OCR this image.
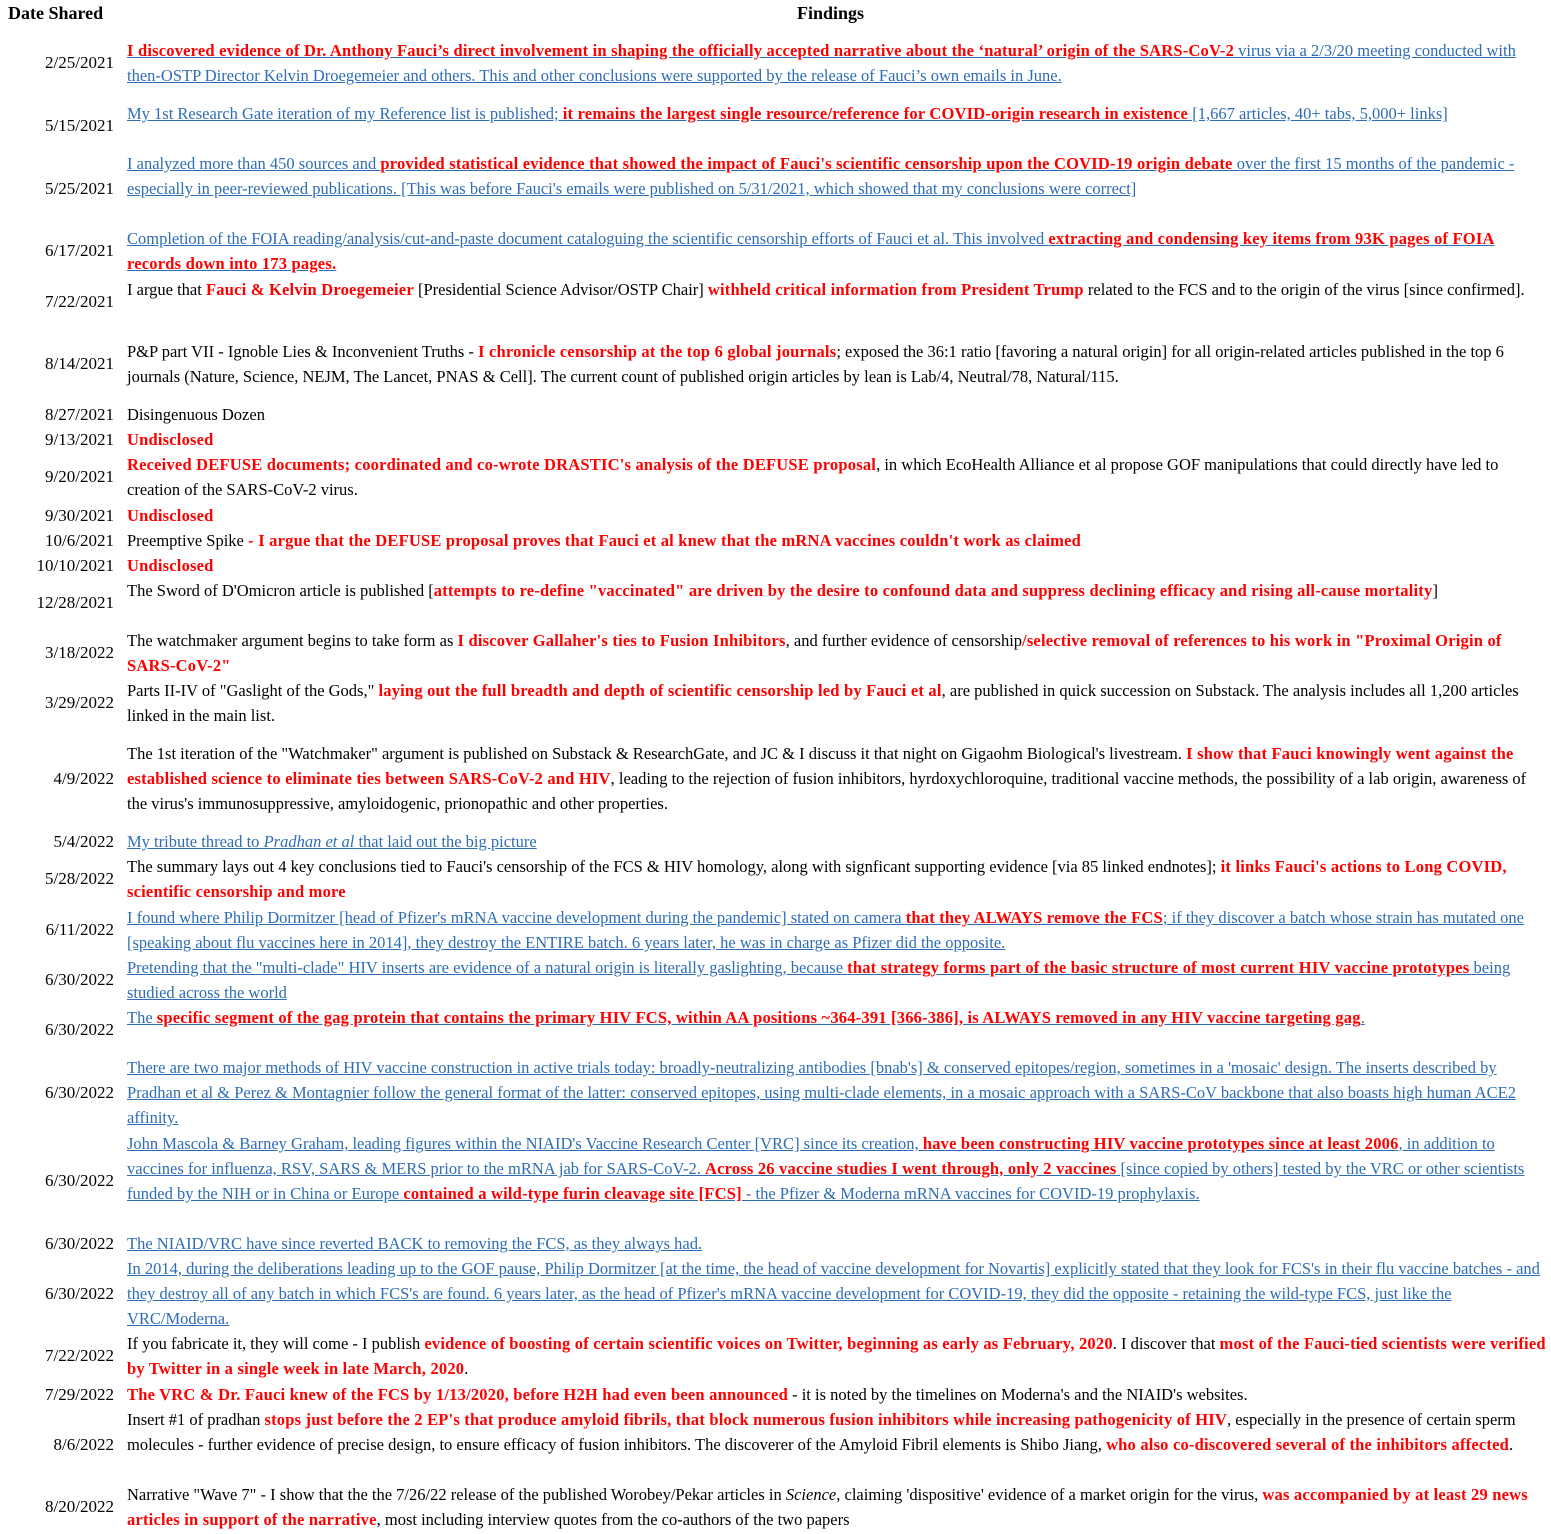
Date Shared	Findings
2/25/2021
I discovered evidence of Dr. Anthony Fauci’s direct involvement in shaping the officially accepted narrative about the ‘natural’ origin of the SARS-CoV-2 virus via a 2/3/20 meeting conducted with then-OSTP Director Kelvin Droegemeier and others. This and other conclusions were supported by the release of Fauci’s own emails in June.
5/15/2021
My 1st Research Gate iteration of my Reference list is published; it remains the largest single resource/reference for COVID-origin research in existence [1,667 articles, 40+ tabs, 5,000+ links]
5/25/2021
I analyzed more than 450 sources and provided statistical evidence that showed the impact of Fauci's scientific censorship upon the COVID-19 origin debate over the first 15 months of the pandemic - especially in peer-reviewed publications. [This was before Fauci's emails were published on 5/31/2021, which showed that my conclusions were correct]
6/17/2021
Completion of the FOIA reading/analysis/cut-and-paste document cataloguing the scientific censorship efforts of Fauci et al. This involved extracting and condensing key items from 93K pages of FOIA records down into 173 pages.
7/22/2021
I argue that Fauci & Kelvin Droegemeier [Presidential Science Advisor/OSTP Chair] withheld critical information from President Trump related to the FCS and to the origin of the virus [since confirmed].
8/14/2021
P&P part VII - Ignoble Lies & Inconvenient Truths - I chronicle censorship at the top 6 global journals; exposed the 36:1 ratio [favoring a natural origin] for all origin-related articles published in the top 6 journals (Nature, Science, NEJM, The Lancet, PNAS & Cell]. The current count of published origin articles by lean is Lab/4, Neutral/78, Natural/115.
8/27/2021 Disingenuous Dozen
9/13/2021 Undisclosed
9/20/2021
Received DEFUSE documents; coordinated and co-wrote DRASTIC's analysis of the DEFUSE proposal, in which EcoHealth Alliance et al propose GOF manipulations that could directly have led to creation of the SARS-CoV-2 virus.
9/30/2021 Undisclosed
10/6/2021 Preemptive Spike - I argue that the DEFUSE proposal proves that Fauci et al knew that the mRNA vaccines couldn't work as claimed
10/10/2021 Undisclosed
12/28/2021
The Sword of D'Omicron article is published [attempts to re-define "vaccinated" are driven by the desire to confound data and suppress declining efficacy and rising all-cause mortality]
3/18/2022
The watchmaker argument begins to take form as I discover Gallaher's ties to Fusion Inhibitors, and further evidence of censorship/selective removal of references to his work in "Proximal Origin of SARS-CoV-2"
3/29/2022
Parts II-IV of "Gaslight of the Gods," laying out the full breadth and depth of scientific censorship led by Fauci et al, are published in quick succession on Substack. The analysis includes all 1,200 articles linked in the main list.
4/9/2022
The 1st iteration of the "Watchmaker" argument is published on Substack & ResearchGate, and JC & I discuss it that night on Gigaohm Biological's livestream. I show that Fauci knowingly went against the established science to eliminate ties between SARS-CoV-2 and HIV, leading to the rejection of fusion inhibitors, hyrdoxychloroquine, traditional vaccine methods, the possibility of a lab origin, awareness of the virus's immunosuppressive, amyloidogenic, prionopathic and other properties.
5/4/2022 My tribute thread to Pradhan et al that laid out the big picture
5/28/2022
The summary lays out 4 key conclusions tied to Fauci's censorship of the FCS & HIV homology, along with signficant supporting evidence [via 85 linked endnotes]; it links Fauci's actions to Long COVID, scientific censorship and more
6/11/2022
I found where Philip Dormitzer [head of Pfizer's mRNA vaccine development during the pandemic] stated on camera that they ALWAYS remove the FCS; if they discover a batch whose strain has mutated one [speaking about flu vaccines here in 2014], they destroy the ENTIRE batch. 6 years later, he was in charge as Pfizer did the opposite.
6/30/2022
Pretending that the "multi-clade" HIV inserts are evidence of a natural origin is literally gaslighting, because that strategy forms part of the basic structure of most current HIV vaccine prototypes being studied across the world
6/30/2022
The specific segment of the gag protein that contains the primary HIV FCS, within AA positions ~364-391 [366-386], is ALWAYS removed in any HIV vaccine targeting gag.
6/30/2022
There are two major methods of HIV vaccine construction in active trials today: broadly-neutralizing antibodies [bnab's] & conserved epitopes/region, sometimes in a 'mosaic' design. The inserts described by Pradhan et al & Perez & Montagnier follow the general format of the latter: conserved epitopes, using multi-clade elements, in a mosaic approach with a SARS-CoV backbone that also boasts high human ACE2 affinity.
6/30/2022
John Mascola & Barney Graham, leading figures within the NIAID's Vaccine Research Center [VRC] since its creation, have been constructing HIV vaccine prototypes since at least 2006, in addition to vaccines for influenza, RSV, SARS & MERS prior to the mRNA jab for SARS-CoV-2. Across 26 vaccine studies I went through, only 2 vaccines [since copied by others] tested by the VRC or other scientists funded by the NIH or in China or Europe contained a wild-type furin cleavage site [FCS] - the Pfizer & Moderna mRNA vaccines for COVID-19 prophylaxis.
6/30/2022 The NIAID/VRC have since reverted BACK to removing the FCS, as they always had.
6/30/2022
In 2014, during the deliberations leading up to the GOF pause, Philip Dormitzer [at the time, the head of vaccine development for Novartis] explicitly stated that they look for FCS's in their flu vaccine batches - and they destroy all of any batch in which FCS's are found. 6 years later, as the head of Pfizer's mRNA vaccine development for COVID-19, they did the opposite - retaining the wild-type FCS, just like the VRC/Moderna.
7/22/2022
If you fabricate it, they will come - I publish evidence of boosting of certain scientific voices on Twitter, beginning as early as February, 2020. I discover that most of the Fauci-tied scientists were verified by Twitter in a single week in late March, 2020.
7/29/2022 The VRC & Dr. Fauci knew of the FCS by 1/13/2020, before H2H had even been announced - it is noted by the timelines on Moderna's and the NIAID's websites.
8/6/2022
Insert #1 of pradhan stops just before the 2 EP's that produce amyloid fibrils, that block numerous fusion inhibitors while increasing pathogenicity of HIV, especially in the presence of certain sperm molecules - further evidence of precise design, to ensure efficacy of fusion inhibitors. The discoverer of the Amyloid Fibril elements is Shibo Jiang, who also co-discovered several of the inhibitors affected.
8/20/2022
Narrative "Wave 7" - I show that the the 7/26/22 release of the published Worobey/Pekar articles in Science, claiming 'dispositive' evidence of a market origin for the virus, was accompanied by at least 29 news articles in support of the narrative, most including interview quotes from the co-authors of the two papers
